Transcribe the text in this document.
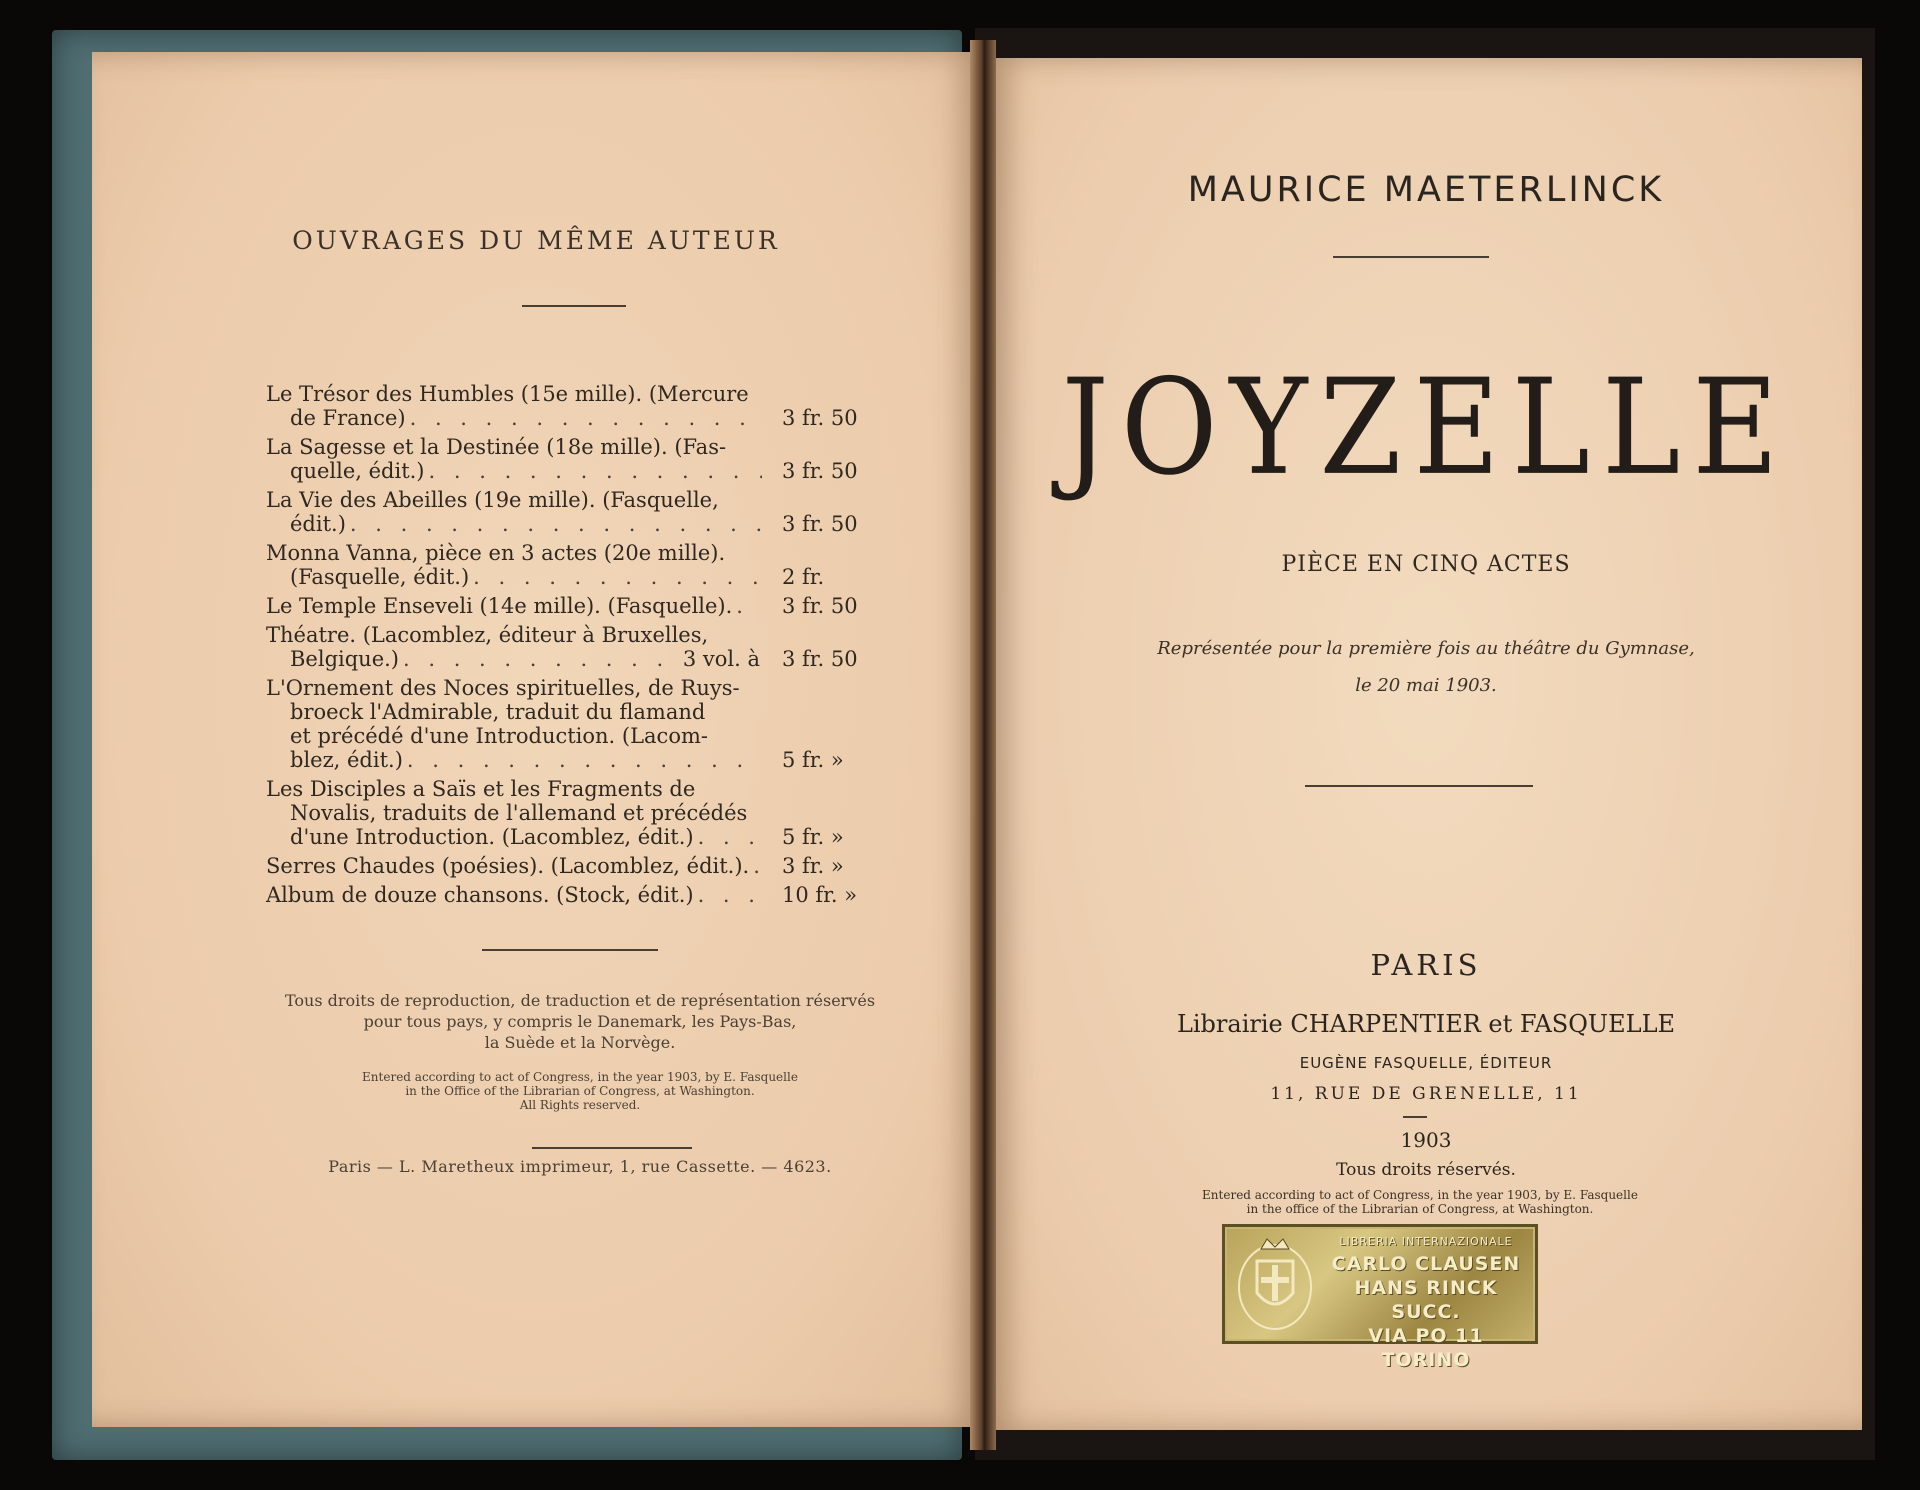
OUVRAGES DU MÊME AUTEUR
Le Trésor des Humbles (15e mille). (Mercure
de France) . . .	3 fr. 50
La Sagesse et la Destinée (18e mille). (Fas-
quelle, édit.) . . .	3 fr. 50
La Vie des Abeilles (19e mille). (Fasquelle,
édit.) . . .	3 fr. 50
Monna Vanna, pièce en 3 actes (20e mille).
(Fasquelle, édit.) . . .	2 fr.
Le Temple Enseveli (14e mille). (Fasquelle). . . .	3 fr. 50
Théatre. (Lacomblez, éditeur à Bruxelles,
Belgique.) . . .	3 vol. à	3 fr. 50
L'Ornement des Noces spirituelles, de Ruys-
broeck l'Admirable, traduit du flamand
et précédé d'une Introduction. (Lacom-
blez, édit.) . . .	5 fr. »
Les Disciples a Saïs et les Fragments de
Novalis, traduits de l'allemand et précédés
d'une Introduction. (Lacomblez, édit.) . . .	5 fr. »
Serres Chaudes (poésies). (Lacomblez, édit.). . . .	3 fr. »
Album de douze chansons. (Stock, édit.) . . .	10 fr. »
Tous droits de reproduction, de traduction et de représentation réservés
pour tous pays, y compris le Danemark, les Pays-Bas,
la Suède et la Norvège.
Entered according to act of Congress, in the year 1903, by E. Fasquelle
in the Office of the Librarian of Congress, at Washington.
All Rights reserved.
Paris — L. Maretheux imprimeur, 1, rue Cassette. — 4623.
MAURICE MAETERLINCK
JOYZELLE
PIÈCE EN CINQ ACTES
Représentée pour la première fois au théâtre du Gymnase,
le 20 mai 1903.
PARIS
Librairie CHARPENTIER et FASQUELLE
EUGÈNE FASQUELLE, ÉDITEUR
11, RUE DE GRENELLE, 11
1903
Tous droits réservés.
Entered according to act of Congress, in the year 1903, by E. Fasquelle
in the office of the Librarian of Congress, at Washington.
LIBRERIA INTERNAZIONALE
CARLO CLAUSEN
HANS RINCK SUCC.
VIA PO 11 TORINO
